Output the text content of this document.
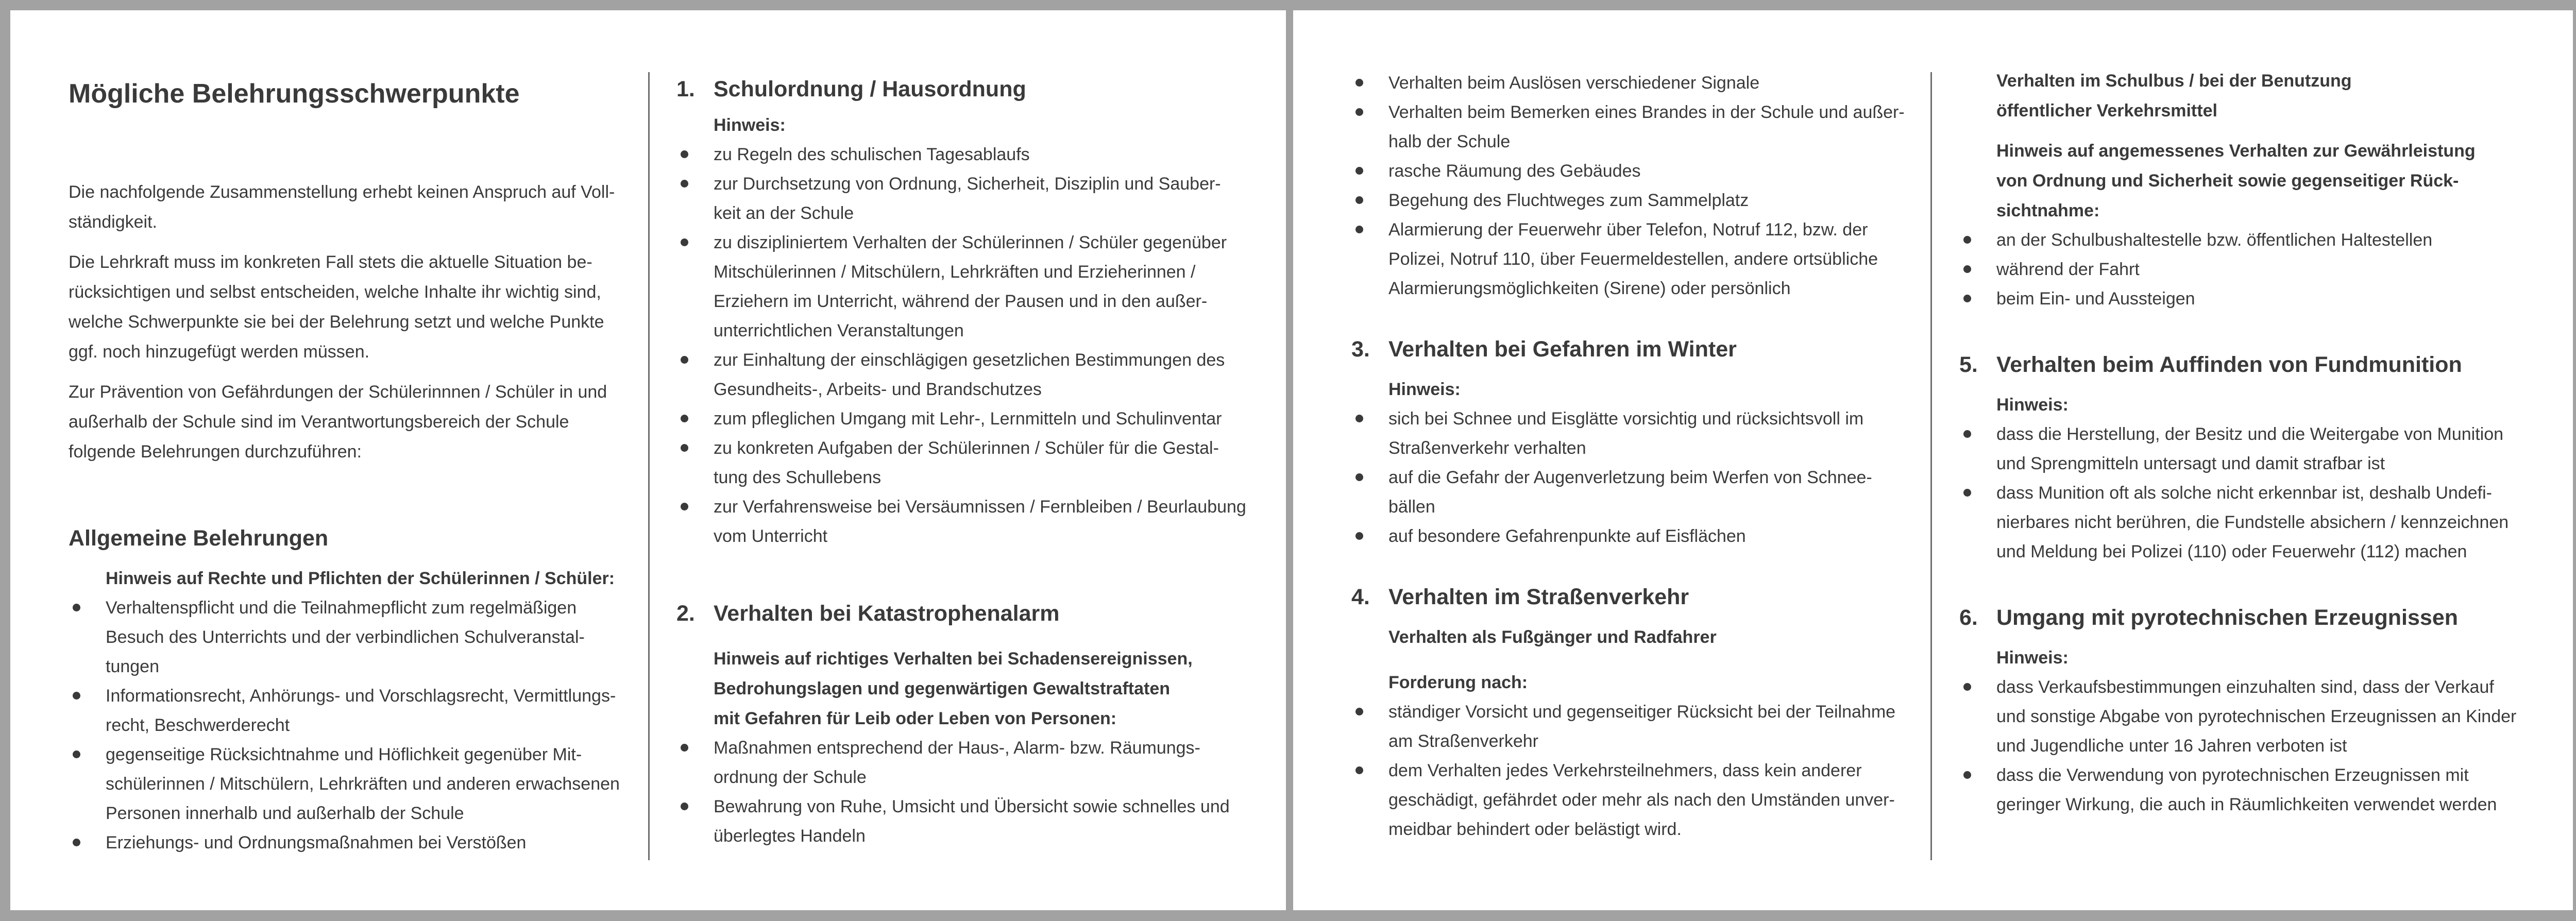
Mögliche Belehrungsschwerpunkte
Die nachfolgende Zusammenstellung erhebt keinen Anspruch auf Voll-
ständigkeit.
Die Lehrkraft muss im konkreten Fall stets die aktuelle Situation be-
rücksichtigen und selbst entscheiden, welche Inhalte ihr wichtig sind,
welche Schwerpunkte sie bei der Belehrung setzt und welche Punkte
ggf. noch hinzugefügt werden müssen.
Zur Prävention von Gefährdungen der Schülerinnnen / Schüler in und
außerhalb der Schule sind im Verantwortungsbereich der Schule
folgende Belehrungen durchzuführen:
Allgemeine Belehrungen
Hinweis auf Rechte und Pflichten der Schülerinnen / Schüler:
Verhaltenspflicht und die Teilnahmepflicht zum regelmäßigen
Besuch des Unterrichts und der verbindlichen Schulveranstal-
tungen
Informationsrecht, Anhörungs- und Vorschlagsrecht, Vermittlungs-
recht, Beschwerderecht
gegenseitige Rücksichtnahme und Höflichkeit gegenüber Mit-
schülerinnen / Mitschülern, Lehrkräften und anderen erwachsenen
Personen innerhalb und außerhalb der Schule
Erziehungs- und Ordnungsmaßnahmen bei Verstößen
1. Schulordnung / Hausordnung
Hinweis:
zu Regeln des schulischen Tagesablaufs
zur Durchsetzung von Ordnung, Sicherheit, Disziplin und Sauber-
keit an der Schule
zu diszipliniertem Verhalten der Schülerinnen / Schüler gegenüber
Mitschülerinnen / Mitschülern, Lehrkräften und Erzieherinnen /
Erziehern im Unterricht, während der Pausen und in den außer-
unterrichtlichen Veranstaltungen
zur Einhaltung der einschlägigen gesetzlichen Bestimmungen des
Gesundheits-, Arbeits- und Brandschutzes
zum pfleglichen Umgang mit Lehr-, Lernmitteln und Schulinventar
zu konkreten Aufgaben der Schülerinnen / Schüler für die Gestal-
tung des Schullebens
zur Verfahrensweise bei Versäumnissen / Fernbleiben / Beurlaubung
vom Unterricht
2. Verhalten bei Katastrophenalarm
Hinweis auf richtiges Verhalten bei Schadensereignissen,
Bedrohungslagen und gegenwärtigen Gewaltstraftaten
mit Gefahren für Leib oder Leben von Personen:
Maßnahmen entsprechend der Haus-, Alarm- bzw. Räumungs-
ordnung der Schule
Bewahrung von Ruhe, Umsicht und Übersicht sowie schnelles und
überlegtes Handeln
Verhalten beim Auslösen verschiedener Signale
Verhalten beim Bemerken eines Brandes in der Schule und außer-
halb der Schule
rasche Räumung des Gebäudes
Begehung des Fluchtweges zum Sammelplatz
Alarmierung der Feuerwehr über Telefon, Notruf 112, bzw. der
Polizei, Notruf 110, über Feuermeldestellen, andere ortsübliche
Alarmierungsmöglichkeiten (Sirene) oder persönlich
3. Verhalten bei Gefahren im Winter
Hinweis:
sich bei Schnee und Eisglätte vorsichtig und rücksichtsvoll im
Straßenverkehr verhalten
auf die Gefahr der Augenverletzung beim Werfen von Schnee-
bällen
auf besondere Gefahrenpunkte auf Eisflächen
4. Verhalten im Straßenverkehr
Verhalten als Fußgänger und Radfahrer
Forderung nach:
ständiger Vorsicht und gegenseitiger Rücksicht bei der Teilnahme
am Straßenverkehr
dem Verhalten jedes Verkehrsteilnehmers, dass kein anderer
geschädigt, gefährdet oder mehr als nach den Umständen unver-
meidbar behindert oder belästigt wird.
Verhalten im Schulbus / bei der Benutzung
öffentlicher Verkehrsmittel
Hinweis auf angemessenes Verhalten zur Gewährleistung
von Ordnung und Sicherheit sowie gegenseitiger Rück-
sichtnahme:
an der Schulbushaltestelle bzw. öffentlichen Haltestellen
während der Fahrt
beim Ein- und Aussteigen
5. Verhalten beim Auffinden von Fundmunition
Hinweis:
dass die Herstellung, der Besitz und die Weitergabe von Munition
und Sprengmitteln untersagt und damit strafbar ist
dass Munition oft als solche nicht erkennbar ist, deshalb Undefi-
nierbares nicht berühren, die Fundstelle absichern / kennzeichnen
und Meldung bei Polizei (110) oder Feuerwehr (112) machen
6. Umgang mit pyrotechnischen Erzeugnissen
Hinweis:
dass Verkaufsbestimmungen einzuhalten sind, dass der Verkauf
und sonstige Abgabe von pyrotechnischen Erzeugnissen an Kinder
und Jugendliche unter 16 Jahren verboten ist
dass die Verwendung von pyrotechnischen Erzeugnissen mit
geringer Wirkung, die auch in Räumlichkeiten verwendet werden
